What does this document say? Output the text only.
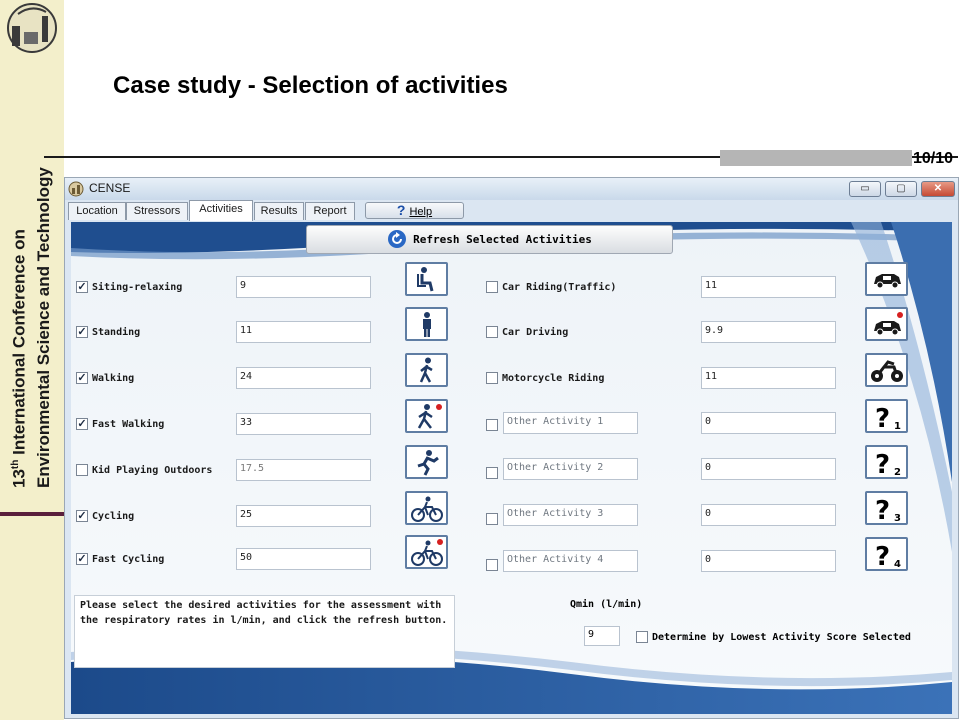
13th International Conference on Environmental Science and Technology
Case study - Selection of activities
10/10
CENSE	▭	▢	✕
Location	Stressors	Activities	Results	Report	? Help
Refresh Selected Activities
✓ Siting-relaxing	9
✓ Standing	11
✓ Walking	24
✓ Fast Walking	33
Kid Playing Outdoors	17.5
✓ Cycling	25
✓ Fast Cycling	50
Car Riding(Traffic)	11
Car Driving	9.9
Motorcycle Riding	11
Other Activity 1	0
Other Activity 2	0
Other Activity 3	0
Other Activity 4	0
? 1
? 2
? 3
? 4
Please select the desired activities for the assessment with the respiratory rates in l/min, and click the refresh button.
Qmin (l/min)
9	Determine by Lowest Activity Score Selected
